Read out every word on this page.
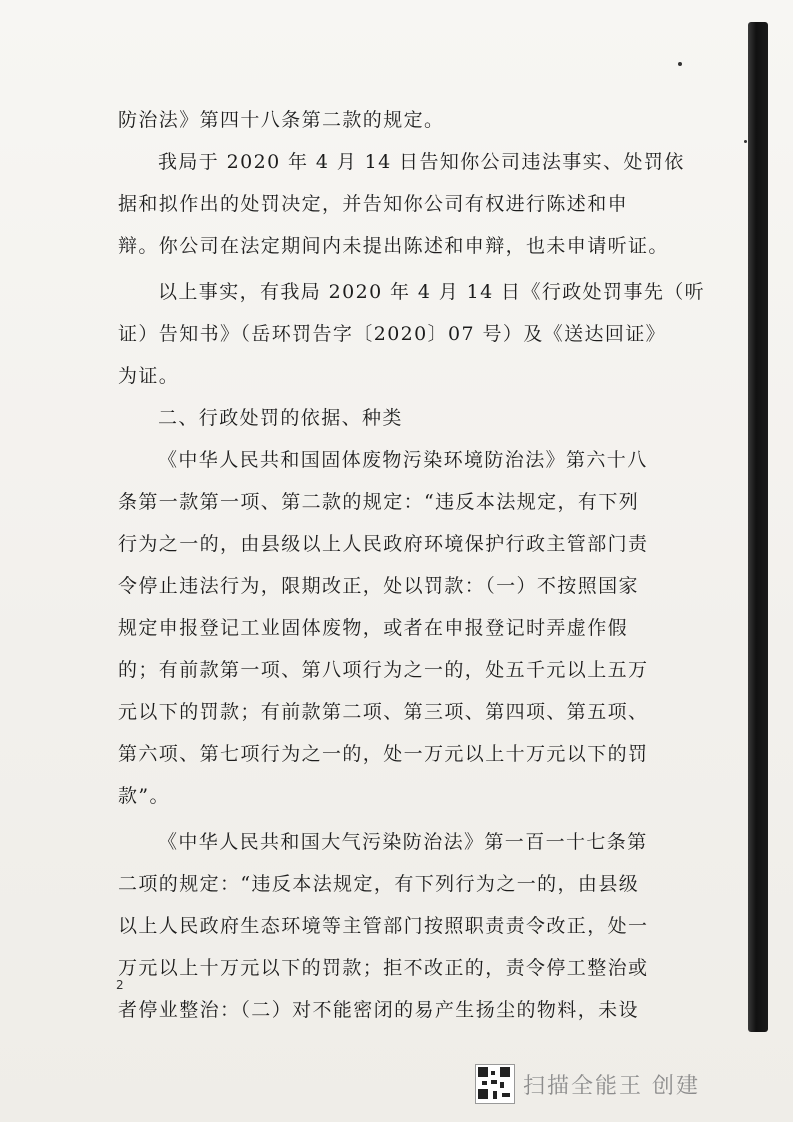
防治法》第四十八条第二款的规定。
我局于 2020 年 4 月 14 日告知你公司违法事实、处罚依
据和拟作出的处罚决定，并告知你公司有权进行陈述和申
辩。你公司在法定期间内未提出陈述和申辩，也未申请听证。
以上事实，有我局 2020 年 4 月 14 日《行政处罚事先（听
证）告知书》（岳环罚告字〔2020〕07 号）及《送达回证》
为证。
二、行政处罚的依据、种类
《中华人民共和国固体废物污染环境防治法》第六十八
条第一款第一项、第二款的规定：“违反本法规定，有下列
行为之一的，由县级以上人民政府环境保护行政主管部门责
令停止违法行为，限期改正，处以罚款：（一）不按照国家
规定申报登记工业固体废物，或者在申报登记时弄虚作假
的；有前款第一项、第八项行为之一的，处五千元以上五万
元以下的罚款；有前款第二项、第三项、第四项、第五项、
第六项、第七项行为之一的，处一万元以上十万元以下的罚
款”。
《中华人民共和国大气污染防治法》第一百一十七条第
二项的规定：“违反本法规定，有下列行为之一的，由县级
以上人民政府生态环境等主管部门按照职责责令改正，处一
万元以上十万元以下的罚款；拒不改正的，责令停工整治或
者停业整治：（二）对不能密闭的易产生扬尘的物料，未设
2
扫描全能王 创建
